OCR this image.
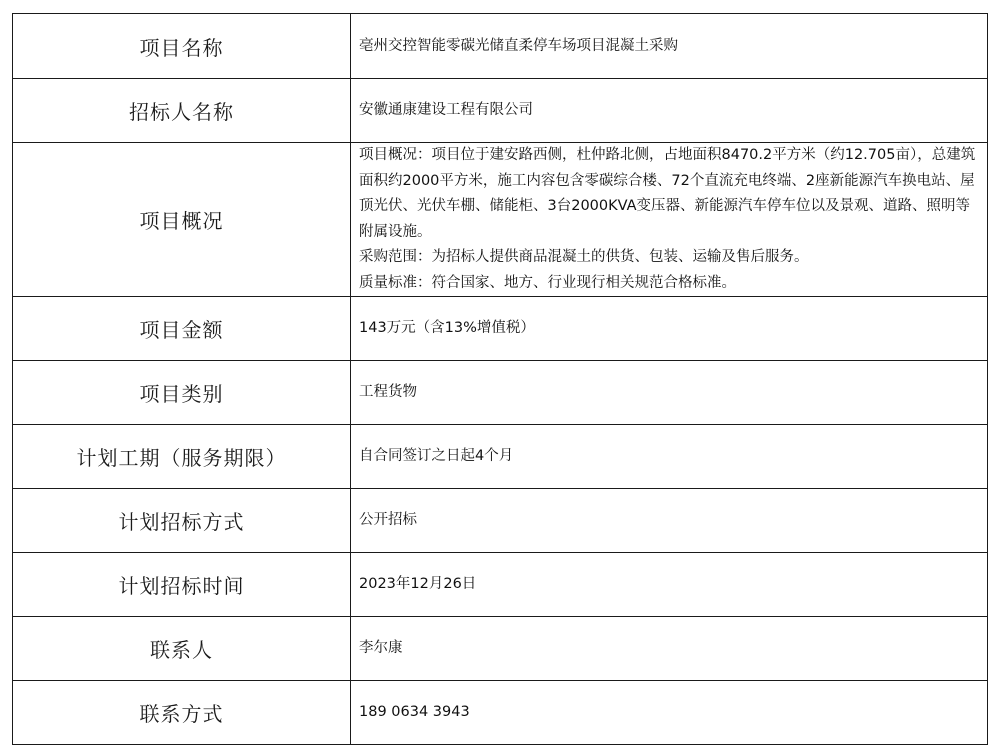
项目名称	亳州交控智能零碳光储直柔停车场项目混凝土采购
招标人名称	安徽通康建设工程有限公司
项目概况	项目概况：项目位于建安路西侧，杜仲路北侧，占地面积8470.2平方米（约12.705亩），总建筑面积约2000平方米，施工内容包含零碳综合楼、72个直流充电终端、2座新能源汽车换电站、屋顶光伏、光伏车棚、储能柜、3台2000KVA变压器、新能源汽车停车位以及景观、道路、照明等附属设施。
采购范围：为招标人提供商品混凝土的供货、包装、运输及售后服务。
质量标准：符合国家、地方、行业现行相关规范合格标准。

项目金额	143万元（含13%增值税）
项目类别	工程货物
计划工期（服务期限）	自合同签订之日起4个月
计划招标方式	公开招标
计划招标时间	2023年12月26日
联系人	李尔康
联系方式	189 0634 3943
